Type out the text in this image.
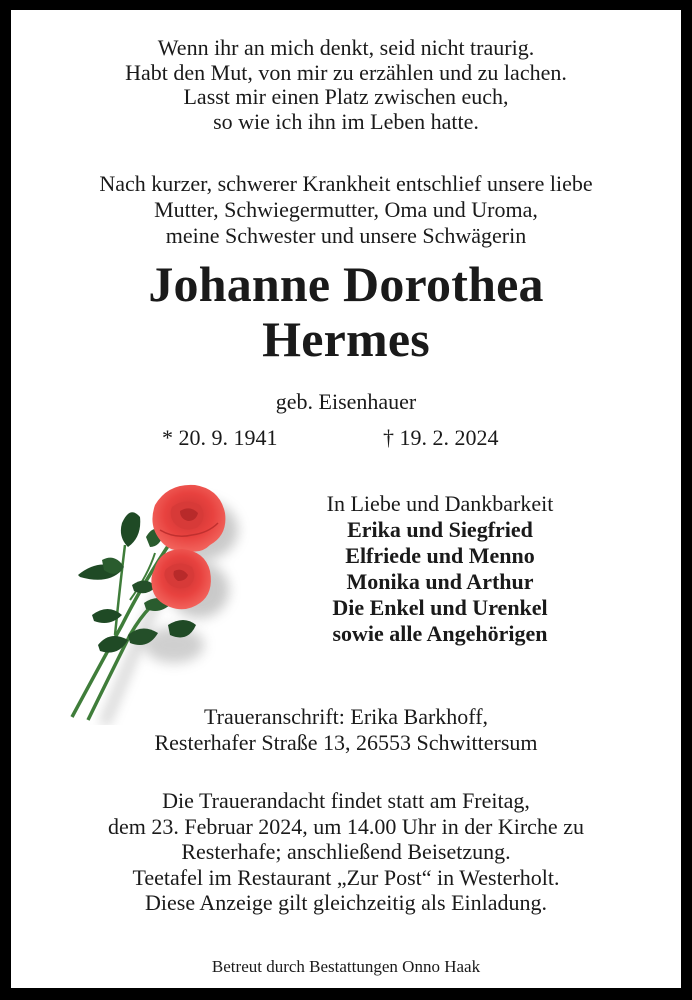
Wenn ihr an mich denkt, seid nicht traurig.
Habt den Mut, von mir zu erzählen und zu lachen.
Lasst mir einen Platz zwischen euch,
so wie ich ihn im Leben hatte.
Nach kurzer, schwerer Krankheit entschlief unsere liebe
Mutter, Schwiegermutter, Oma und Uroma,
meine Schwester und unsere Schwägerin
Johanne Dorothea
Hermes
geb. Eisenhauer
* 20. 9. 1941	† 19. 2. 2024
In Liebe und Dankbarkeit
Erika und Siegfried
Elfriede und Menno
Monika und Arthur
Die Enkel und Urenkel
sowie alle Angehörigen
Traueranschrift: Erika Barkhoff,
Resterhafer Straße 13, 26553 Schwittersum
Die Trauerandacht findet statt am Freitag,
dem 23. Februar 2024, um 14.00 Uhr in der Kirche zu
Resterhafe; anschließend Beisetzung.
Teetafel im Restaurant „Zur Post“ in Westerholt.
Diese Anzeige gilt gleichzeitig als Einladung.
Betreut durch Bestattungen Onno Haak
